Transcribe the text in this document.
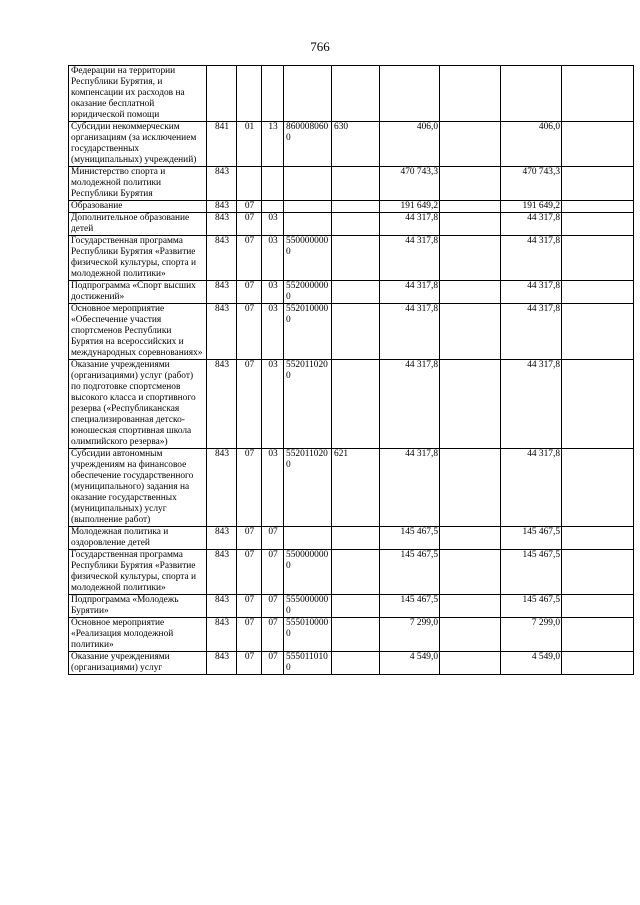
766
Федерации на территории Республики Бурятия, и компенсации их расходов на оказание бесплатной юридической помощи									
Субсидии некоммерческим организациям (за исключением государственных (муниципальных) учреждений)	841	01	13	8600080600	630	406,0		406,0	
Министерство спорта и молодежной политики Республики Бурятия	843					470 743,3		470 743,3	
Образование	843	07				191 649,2		191 649,2	
Дополнительное образование детей	843	07	03			44 317,8		44 317,8	
Государственная программа Республики Бурятия «Развитие физической культуры, спорта и молодежной политики»	843	07	03	5500000000		44 317,8		44 317,8	
Подпрограмма «Спорт высших достижений»	843	07	03	5520000000		44 317,8		44 317,8	
Основное мероприятие «Обеспечение участия спортсменов Республики Бурятия на всероссийских и международных соревнованиях»	843	07	03	5520100000		44 317,8		44 317,8	
Оказание учреждениями (организациями) услуг (работ) по подготовке спортсменов высокого класса и спортивного резерва («Республиканская специализированная детско-юношеская спортивная школа олимпийского резерва»)	843	07	03	5520110200		44 317,8		44 317,8	
Субсидии автономным учреждениям на финансовое обеспечение государственного (муниципального) задания на оказание государственных (муниципальных) услуг (выполнение работ)	843	07	03	5520110200	621	44 317,8		44 317,8	
Молодежная политика и оздоровление детей	843	07	07			145 467,5		145 467,5	
Государственная программа Республики Бурятия «Развитие физической культуры, спорта и молодежной политики»	843	07	07	5500000000		145 467,5		145 467,5	
Подпрограмма «Молодежь Бурятии»	843	07	07	5550000000		145 467,5		145 467,5	
Основное мероприятие «Реализация молодежной политики»	843	07	07	5550100000		7 299,0		7 299,0	
Оказание учреждениями (организациями) услуг	843	07	07	5550110100		4 549,0		4 549,0	
